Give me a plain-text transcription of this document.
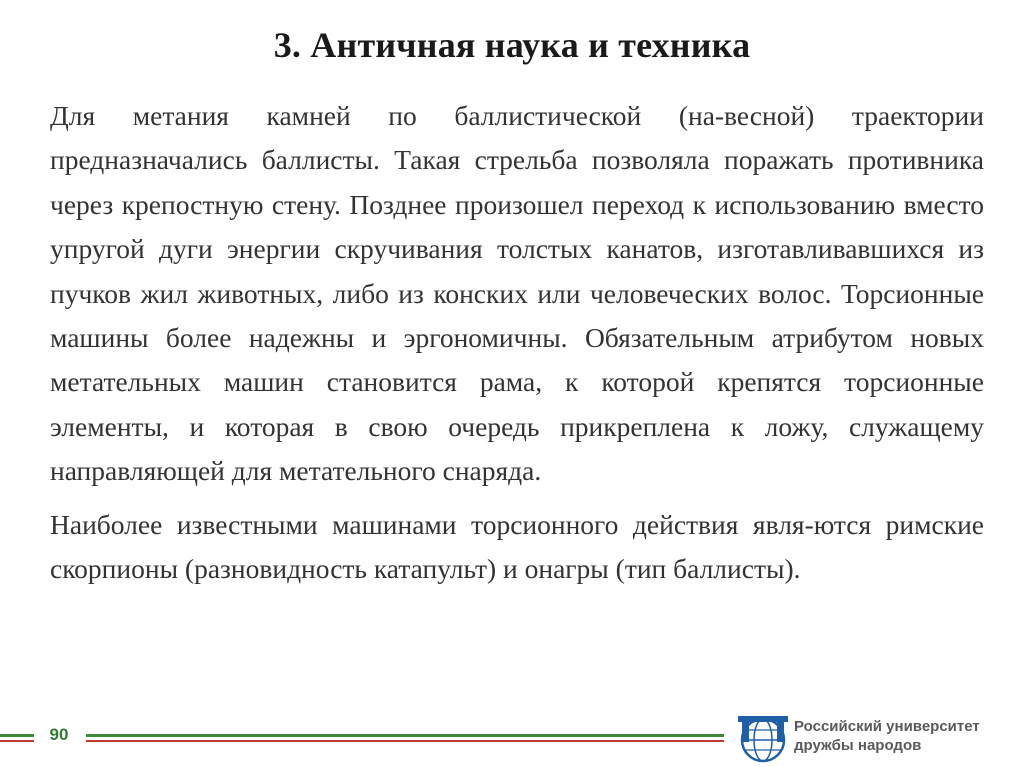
3. Античная наука и техника

Для метания камней по баллистической (на-весной) траектории предназначались баллисты. Такая стрельба позволяла поражать противника через крепостную стену. Позднее произошел переход к использованию вместо упругой дуги энергии скручивания толстых канатов, изготавливавшихся из пучков жил животных, либо из конских или человеческих волос. Торсионные машины более надежны и эргономичны. Обязательным атрибутом новых метательных машин становится рама, к которой крепятся торсионные элементы, и которая в свою очередь прикреплена к ложу, служащему направляющей для метательного снаряда.

Наиболее известными машинами торсионного действия явля-ются римские скорпионы (разновидность катапульт) и онагры (тип баллисты).

90	Российский университет
дружбы народов
